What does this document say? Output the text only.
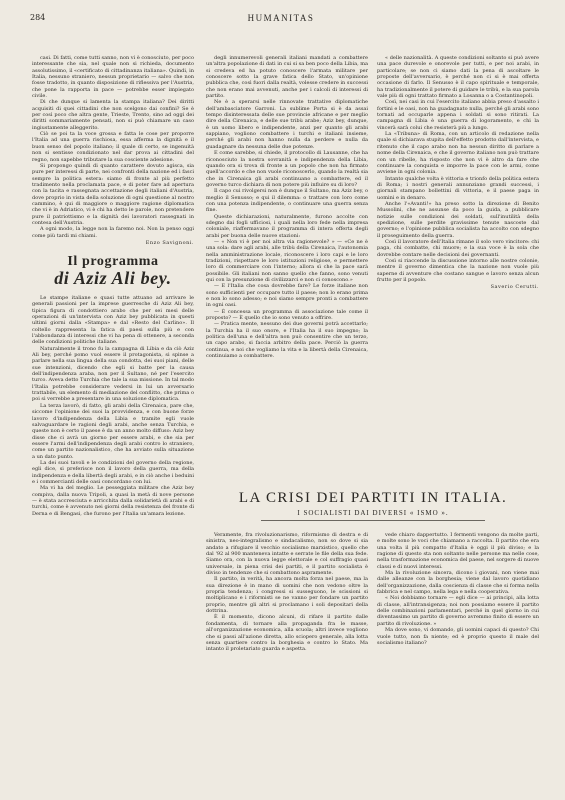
284	HUMANITAS

casi. Di fatti, come tutti sanno, non vi è conosciuto, per poco interessante che sia, nel quale non si richieda, documento assolutissimo, il «certificato di cittadinanza italiana». Quindi, in Italia, nessuno straniero, nessun proprietario — salvo che non fosse tradotto, in quanto disposizione di riflessiva per l'Austria, che pone la rapporta in pace — potrebbe esser impiegato civile.

Di che dunque si lamenta la stampa italiana? Dei diritti acquisiti di quei cittadini che non scelgono dai confini? Se è per così poco che altra gente, Trieste, Trento, sino ad oggi dei diritti sommariamente pensati, non si può chiamare un caso ingiustamente alleggerito.

Ciò se poi ta la voce grossa e fatta le cose per proporre l'Italia ad una guerra rischiosa, essa afferma la dignità e il buon senso del popolo italiano; il quale di certo, se ingenuità non si sentisse condizionato nel dar prova ai cittadini del regno, non sapebbe tributare la sua cosciente adesione.

Si propongo quindi di quanto carattere dovuto agisca, sia pure per interessi di parte, nei confronti della nazione ed i fasci sempre la politica estera: siamo di fronte al più perfetto tradimento nella proclamata pace, e di poter fare ad apertura con la tacita e rassegnata accettazione degli italiani d'Austria, dove proprio in vista della soluzione di ogni questione al nostro cammino, è qui di maggiore o maggiore ragione diplomatica che vi è in Adriatico, vi è chi ha detto le parole, non pretendere pure il patriottismo e la dignità dei lavoratori rassegnati in contesa dell'Austria.

A ogni modo, la legge non la faremo noi. Non la penso oggi come più tardi mi chiami.

Enzo Savignoni.
Il programma
di Aziz Ali bey.

Le stampe italiane e quasi tutte attuano ad arrivare le generali passioni per la imprese guerresche di Aziz Ali bey, tipica figura di condottiero arabo che per sei mesi delle operazioni di un'intervista con Aziz bey pubblicata in questi ultimi giorni dalla «Stampa» e dal «Resto del Carlino». Il coltello rappresenta la fatica di paesi sulla più e con l'abbondanza di interessi che vi ha pena di ottenere, a seconda delle condizioni politiche italiane.

Naturalmente il trono fu la campagna di Libia e da ciò Aziz Ali bey, perché pomo vuol essere il protagonista, si spinse a parlare nella sua lingua della sua condotta, dei suoi piani, delle sue intenzioni, dicendo che egli si batte per la causa dell'indipendenza araba, non per il Sultano, né per l'esercito turco. Aveva detto Turchia che tale la sua missione. In tal modo l'Italia potrebbe considerare vedersi in lui un avversario trattabile, un elemento di mediazione del conflitto, che prima o poi si verrebbe a presentare in una soluzione diplomatica.

La terza lavorò, di fatto, gli arabi della Cirenaica, pare che, siccome l'opinione dei suoi la provvidenza, e con buone forze lavoro d'indipendenza della Libia e tramite egli vuole salvaguardare le ragioni degli arabi, anche senza Turchia, e queste non è certo il paese è da un anno molto diffuso: Aziz bey disse che ci avrà un giorno per essere arabi, e che sia per essere l'armi dell'indipendenza degli arabi contro lo straniero, come un partito nazionalistico, che ha avviato sulla situazione a un dato punto.

La dei suoi tavoli e le condizioni del governo della regione, egli dice, si preferisce non il lavoro della guerra, ma della indipendenza e della libertà degli arabi, e in ciò anche i beduini e i commercianti delle oasi concordano con lui.

Ma vi ha del meglio. Le pesseggiata militare che Aziz bey compiva, dalla nuova Tripoli, a quasi la metà di nove persone — è stata accresciuta e arricchita dalla solidarietà di arabi e di turchi, come è avvenuto nei giorni della resistenza del fronte di Derna e di Bengasi, che furono per l'Italia un'amara lezione.

degli innumerevoli generali italiani mandati a combattere un'altra popolazione di dati in cui si sa ben poco della Libia, ma si credeva ed ha potuto conoscere l'armata militare per conoscere sotto la grave fatica dello Stato, un'opinione pubblica che, così fuori dalla realtà, volesse credere in successi che non erano mai avvenuti, anche per i calcoli di interessi di partito.

Ne è a sperarsi nelle rinnovate trattative diplomatiche dell'ambasciatore Garroni. La sublime Porta si è da assai tempo disinteressata delle sue provincie africane e per meglio dire della Cirenaica, e delle sue tribù arabe; Aziz bey, dunque, è un uomo libero e indipendente, anzi per quanto gli arabi sappiano, vogliono combattere i turchi e italiani insieme, perché gli arabi non hanno nulla da perdere e nulla da guadagnare da nessuna delle due potenze.

E come sarebbe, si chiede, il protocollo di Lausanne, che ha riconosciuto la nostra sovranità e indipendenza della Libia, quando ora si trova di fronte a un popolo che non ha firmato quell'accordo e che non vuole riconoscerlo, quando la realtà sia che in Cirenaica gli arabi continuano a combattere, ed il governo turco dichiara di non potere più influire su di loro?

Il capo cui rivolgersi non è dunque il Sultano, ma Aziz bey, o meglio il Senusso; e qui il dilemma: o trattare con loro come con una potenza indipendente, o continuare una guerra senza fine.

Queste dichiarazioni, naturalmente, furono accolte con sdegno dai fogli ufficiosi, i quali nella loro fede nella impresa coloniale, riaffermavano il programma di intera offerta degli arabi per buona delle nuove stazioni:

— « Non vi è per noi altra via ragionevole? » — «Ce ne è una sola: dare agli arabi, alle tribù della Cirenaica, l'autonomia nella amministrazione locale, riconoscere i loro capi e le loro tradizioni, rispettare le loro istituzioni religiose, e permettere loro di commerciare con l'interno; allora sì che la pace sarà possibile. Gli italiani non sanno quello che fanno, sono venuti qui con la presunzione di civilizzarci e non ci conoscono.»

— E l'Italia che cosa dovrebbe fare? Le forze italiane non sono sufficienti per occupare tutto il paese; non lo erano prima e non lo sono adesso; e noi siamo sempre pronti a combattere in ogni oasi.

— È concessa un programma di associazione tale come il proposto? — È quello che io sono venuto a offrire.

— Pratica mente, nessuno dei due governi potrà accettarlo; la Turchia ha il suo onore, e l'Italia ha il suo impegno; la politica dell'una e dell'altra non può consentire che un terzo, un capo arabo, si faccia arbitro della pace. Perciò la guerra continua, e noi che vogliamo la vita e la libertà della Cirenaica, continuiamo a combattere.

« delle nazionalità. A queste condizioni soltanto si può avere una pace durevole e onorevole per tutti, e per noi arabi, in particolare; se non ci siamo dati la pena di ascoltare le proposte dell'avversario, è perché non ci si è mai offerta occasione di farlo. Il Senusso è il capo spirituale e temporale, ha tradizionalmente il potere di guidare le tribù, e la sua parola vale più di ogni trattato firmato a Losanna o a Costantinopoli.

Così, nei casi in cui l'esercito italiano abbia preso d'assalto i fortini e le oasi, non ha guadagnato nulla, perché gli arabi sono tornati ad occuparle appena i soldati si sono ritirati. La campagna di Libia è una guerra di logoramento, e chi la vincerà sarà colui che resisterà più a lungo.

La «Tribuna» di Roma, con un articolo di redazione nella quale si dichiarava stupita dell'effetto prodotto dall'intervista, e ritenuto che il capo arabo non ha nessun diritto di parlare a nome della Cirenaica, e che il governo italiano non può trattare con un ribelle, ha risposto che non vi è altro da fare che continuare la conquista e imporre la pace con le armi, come avviene in ogni colonia.

Intanto qualche volta è vittoria e trionfo della politica estera di Roma; i nostri generali annunziano grandi successi, i giornali stampano bollettini di vittoria, e il paese paga in uomini e in denaro.

Anche l'«Avanti!» ha preso sotto la direzione di Benito Mussolini, che ne assunse da poco la guida, a pubblicare notizie sulle condizioni dei soldati, sull'inutilità della spedizione, sulle perdite gravissime tenute nascoste dal governo; e l'opinione pubblica socialista ha accolto con sdegno il proseguimento della guerra.

Così il lavoratore dell'Italia rimane il solo vero vincitore: chi paga, chi combatte, chi muore; e la sua voce è la sola che dovrebbe contare nelle decisioni dei governanti.

Così si riaccende la discussione intorno alle nostre colonie, mentre il governo dimentica che la nazione non vuole più saperne di avventure che costano sangue e lavoro senza alcun frutto per il popolo.

Saverio Cerutti.
LA CRISI DEI PARTITI IN ITALIA.
I SOCIALISTI DAI DIVERSI « ISMO ».

Veramente, fra rivoluzionarismo, riformismo di destra e di sinistra, neo-integralismo e sindacalismo, non so dove si sia andato a rifugiare il vecchio socialismo marxistico, quello che dal '92 al 900 manteneva intatte e serrate le file della sua fede. Siamo ora, con la nuova legge elettorale e col suffragio quasi universale, in piena crisi dei partiti, e il partito socialista è diviso in tendenze che si combattono aspramente.

Il partito, in verità, ha ancora molta forza nel paese, ma la sua direzione è in mano di uomini che non vedono oltre la propria tendenza; i congressi si susseguono, le scissioni si moltiplicano e i riformisti se ne vanno per fondare un partito proprio, mentre gli altri si proclamano i soli depositari della dottrina.

È il momento, dicono alcuni, di rifare il partito dalle fondamenta, di tornare alla propaganda fra le masse, all'organizzazione economica, alla scuola; altri invece vogliono che si passi all'azione diretta, allo sciopero generale, alla lotta senza quartiere contro la borghesia e contro lo Stato. Ma intanto il proletariato guarda e aspetta.

vede chiaro dappertutto. I fermenti vengono da molte parti, e molte sono le voci che chiamano a raccolta. Il partito che era una volta il più compatto d'Italia è oggi il più diviso; e la ragione di questo sta non soltanto nelle persone ma nelle cose, nella trasformazione economica del paese, nel sorgere di nuove classi e di nuovi interessi.

Ma la rivoluzione sincera, dicono i giovani, non viene mai dalle alleanze con la borghesia; viene dal lavoro quotidiano dell'organizzazione, dalla coscienza di classe che si forma nella fabbrica e nel campo, nella lega e nella cooperativa.

« Noi dobbiamo tornare — egli dice — ai principi, alla lotta di classe, all'intransigenza; noi non possiamo essere il partito delle combinazioni parlamentari, perché in quel giorno in cui diventassimo un partito di governo avremmo finito di essere un partito di rivoluzione. »

Ma dove sono, vi domando, gli uomini capaci di questo? Chi vuole tutto, non fa niente; ed è proprio questo il male del socialismo italiano?
